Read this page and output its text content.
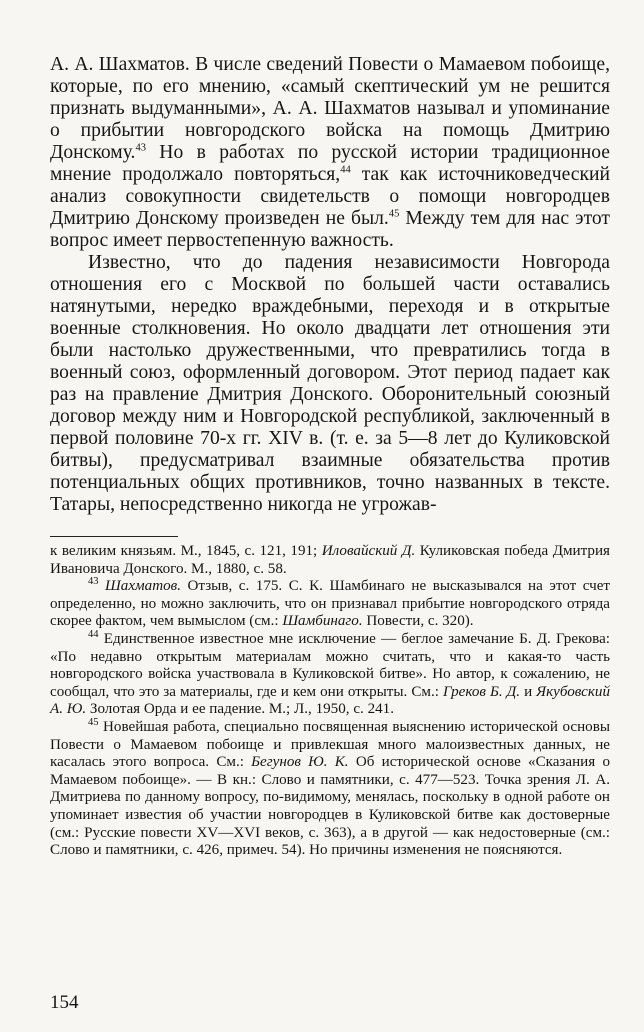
А. А. Шахматов. В числе сведений Повести о Мамаевом побоище, которые, по его мнению, «самый скептический ум не решится признать выдуманными», А. А. Шахматов называл и упоминание о прибытии новгородского войска на помощь Дмитрию Донскому.$^{43}$ Но в работах по русской истории традиционное мнение продолжало повторяться,$^{44}$ так как источниковедческий анализ совокупности свидетельств о помощи новгородцев Дмитрию Донскому произведен не был.$^{45}$ Между тем для нас этот вопрос имеет первостепенную важность.

Известно, что до падения независимости Новгорода отношения его с Москвой по большей части оставались натянутыми, нередко враждебными, переходя и в открытые военные столкновения. Но около двадцати лет отношения эти были настолько дружественными, что превратились тогда в военный союз, оформленный договором. Этот период падает как раз на правление Дмитрия Донского. Оборонительный союзный договор между ним и Новгородской республикой, заключенный в первой половине 70-х гг. XIV в. (т. е. за 5—8 лет до Куликовской битвы), предусматривал взаимные обязательства против потенциальных общих противников, точно названных в тексте. Татары, непосредственно никогда не угрожав-

к великим князьям. М., 1845, с. 121, 191; Иловайский Д. Куликовская победа Дмитрия Ивановича Донского. М., 1880, с. 58.

$^{43}$ Шахматов. Отзыв, с. 175. С. К. Шамбинаго не высказывался на этот счет определенно, но можно заключить, что он признавал прибытие новгородского отряда скорее фактом, чем вымыслом (см.: Шамбинаго. Повести, с. 320).

$^{44}$ Единственное известное мне исключение — беглое замечание Б. Д. Грекова: «По недавно открытым материалам можно считать, что и какая-то часть новгородского войска участвовала в Куликовской битве». Но автор, к сожалению, не сообщал, что это за материалы, где и кем они открыты. См.: Греков Б. Д. и Якубовский А. Ю. Золотая Орда и ее падение. М.; Л., 1950, с. 241.

$^{45}$ Новейшая работа, специально посвященная выяснению исторической основы Повести о Мамаевом побоище и привлекшая много малоизвестных данных, не касалась этого вопроса. См.: Бегунов Ю. К. Об исторической основе «Сказания о Мамаевом побоище». — В кн.: Слово и памятники, с. 477—523. Точка зрения Л. А. Дмитриева по данному вопросу, по-видимому, менялась, поскольку в одной работе он упоминает известия об участии новгородцев в Куликовской битве как достоверные (см.: Русские повести XV—XVI веков, с. 363), а в другой — как недостоверные (см.: Слово и памятники, с. 426, примеч. 54). Но причины изменения не поясняются.

154
